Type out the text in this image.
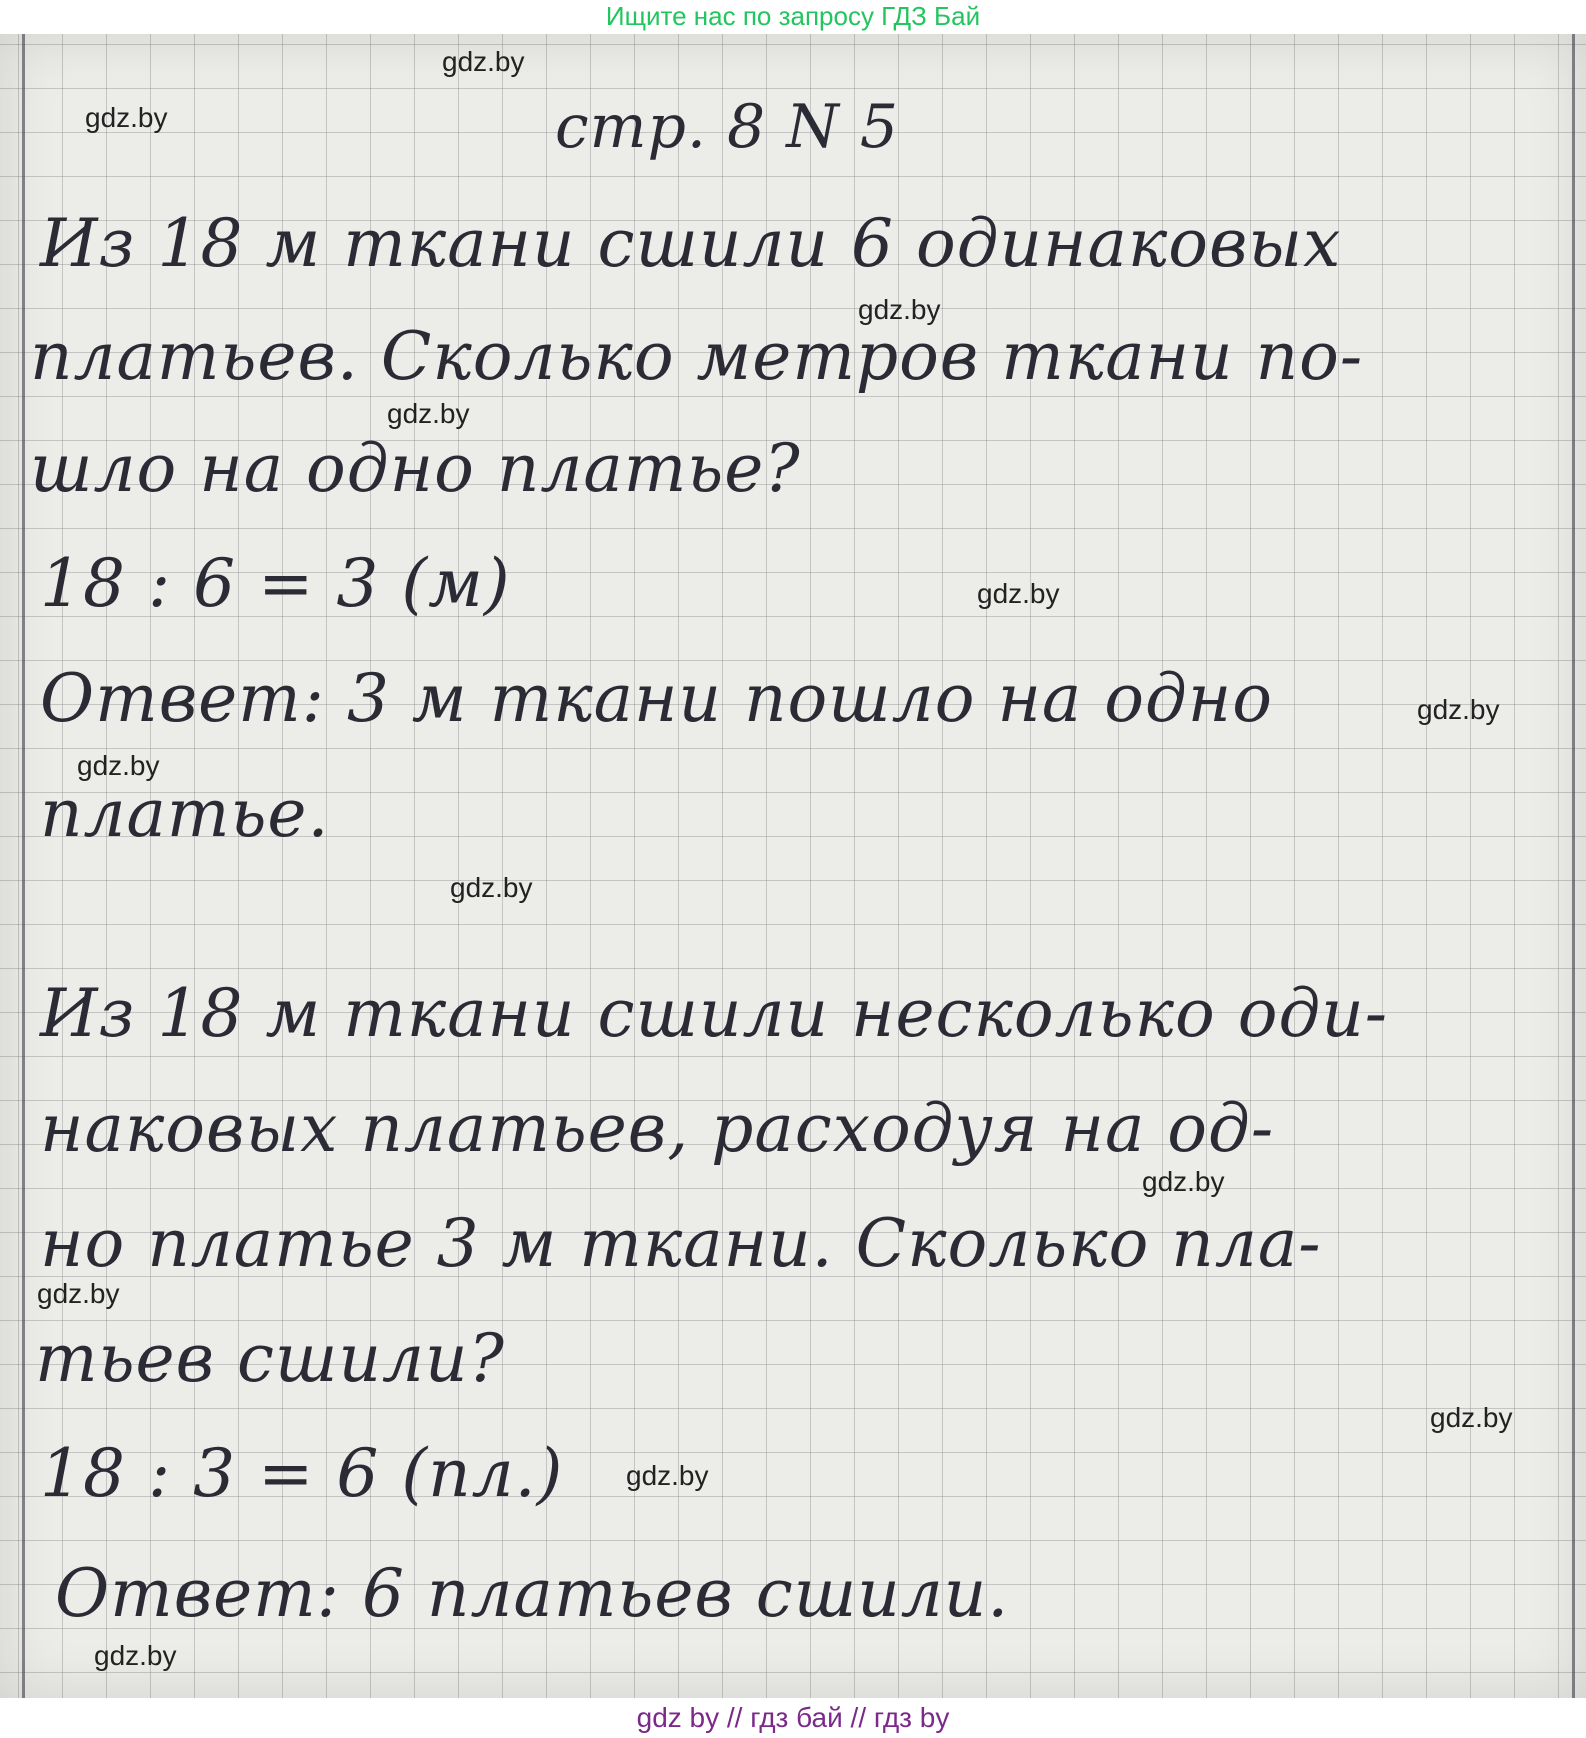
Ищите нас по запросу ГДЗ Бай

стр. 8 N 5

Из 18 м ткани сшили 6 одинаковых

платьев. Сколько метров ткани по-

шло на одно платье?

18 : 6 = 3 (м)

Ответ: 3 м ткани пошло на одно

платье.

Из 18 м ткани сшили несколько оди-

наковых платьев, расходуя на од-

но платье 3 м ткани. Сколько пла-

тьев сшили?

18 : 3 = 6 (пл.)

Ответ: 6 платьев сшили.

gdz.by
gdz.by
gdz.by
gdz.by
gdz.by
gdz.by
gdz.by
gdz.by
gdz.by
gdz.by
gdz.by
gdz.by
gdz.by
gdz by // гдз бай // гдз by
